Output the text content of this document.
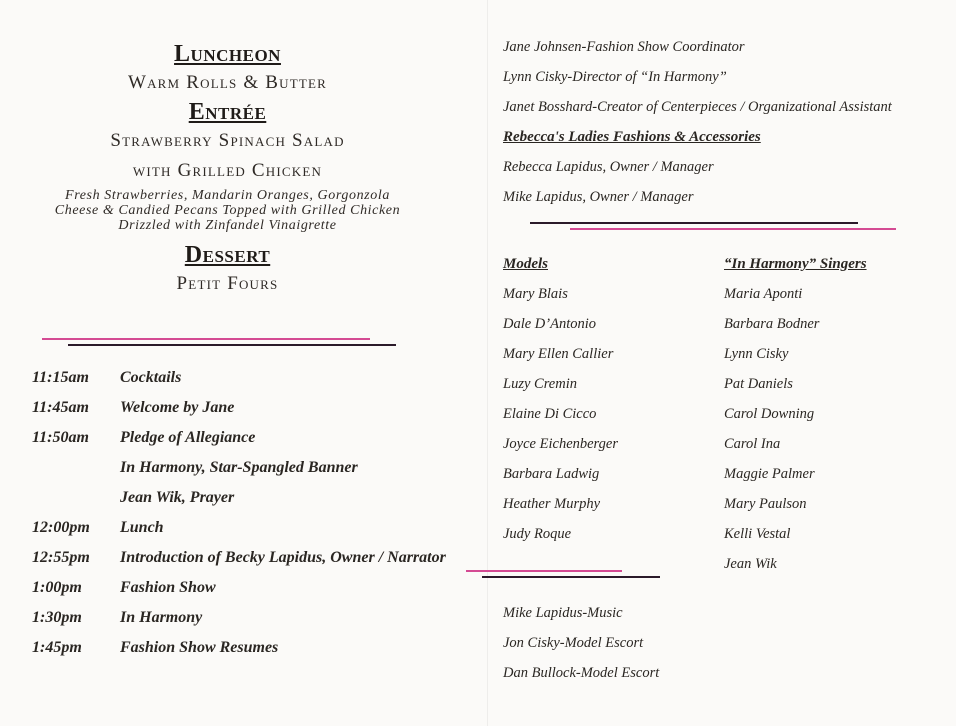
Luncheon
Warm Rolls & Butter
Entrée
Strawberry Spinach Salad
with Grilled Chicken
Fresh Strawberries, Mandarin Oranges, Gorgonzola
Cheese & Candied Pecans Topped with Grilled Chicken
Drizzled with Zinfandel Vinaigrette
Dessert
Petit Fours
11:15am	Cocktails
11:45am	Welcome by Jane
11:50am	Pledge of Allegiance
In Harmony, Star-Spangled Banner
Jean Wik, Prayer
12:00pm	Lunch
12:55pm	Introduction of Becky Lapidus, Owner / Narrator
1:00pm	Fashion Show
1:30pm	In Harmony
1:45pm	Fashion Show Resumes
Jane Johnsen-Fashion Show Coordinator
Lynn Cisky-Director of “In Harmony”
Janet Bosshard-Creator of Centerpieces / Organizational Assistant
Rebecca's Ladies Fashions & Accessories
Rebecca Lapidus, Owner / Manager
Mike Lapidus, Owner / Manager
Models
Mary Blais
Dale D’Antonio
Mary Ellen Callier
Luzy Cremin
Elaine Di Cicco
Joyce Eichenberger
Barbara Ladwig
Heather Murphy
Judy Roque
“In Harmony” Singers
Maria Aponti
Barbara Bodner
Lynn Cisky
Pat Daniels
Carol Downing
Carol Ina
Maggie Palmer
Mary Paulson
Kelli Vestal
Jean Wik
Mike Lapidus-Music
Jon Cisky-Model Escort
Dan Bullock-Model Escort
